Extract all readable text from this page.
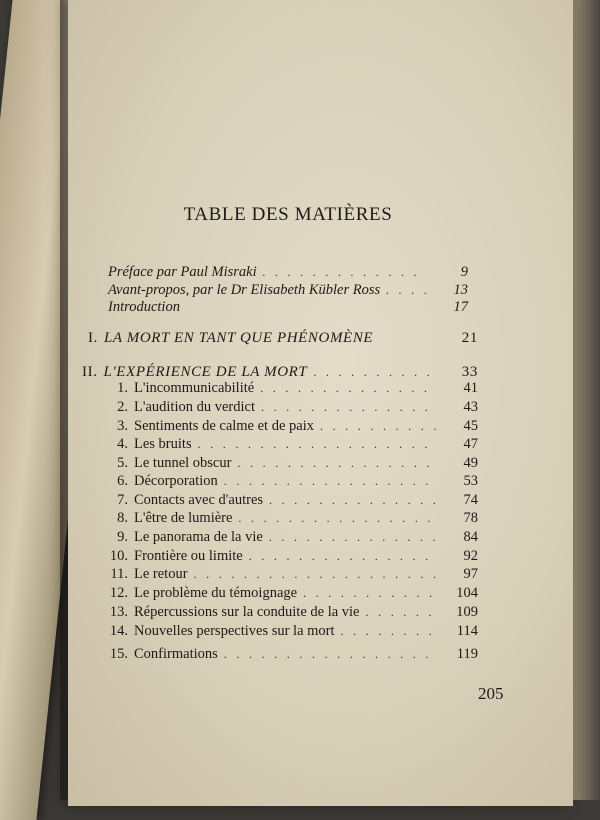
TABLE DES MATIÈRES
Préface par Paul Misraki . . .	9
Avant-propos, par le Dr Elisabeth Kübler Ross . . .	13
Introduction	17
I. LA MORT EN TANT QUE PHÉNOMÈNE	21
II. L'EXPÉRIENCE DE LA MORT . . .	33
1. L'incommunicabilité . . .	41
2. L'audition du verdict . . .	43
3. Sentiments de calme et de paix . . .	45
4. Les bruits . . .	47
5. Le tunnel obscur . . .	49
6. Décorporation . . .	53
7. Contacts avec d'autres . . .	74
8. L'être de lumière . . .	78
9. Le panorama de la vie . . .	84
10. Frontière ou limite . . .	92
11. Le retour . . .	97
12. Le problème du témoignage . . .	104
13. Répercussions sur la conduite de la vie . . .	109
14. Nouvelles perspectives sur la mort . . .	114
15. Confirmations . . .	119
205
